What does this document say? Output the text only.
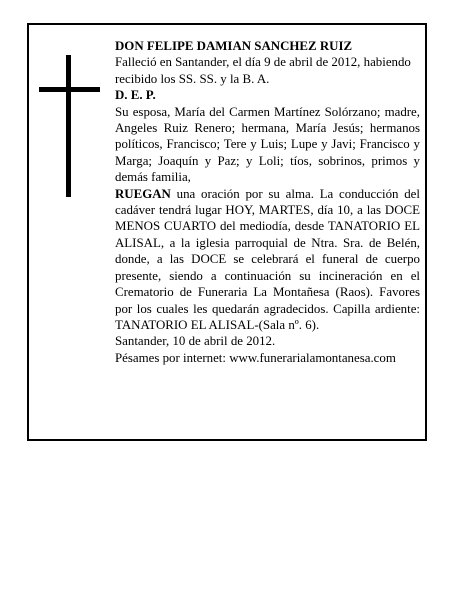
DON FELIPE DAMIAN SANCHEZ RUIZ

Falleció en Santander, el día 9 de abril de 2012, habiendo recibido los SS. SS. y la B. A.

D. E. P.

Su esposa, María del Carmen Martínez Solórzano; madre, Angeles Ruiz Renero; hermana, María Jesús; hermanos políticos, Francisco; Tere y Luis; Lupe y Javi; Francisco y Marga; Joaquín y Paz; y Loli; tíos, sobrinos, primos y demás familia,

RUEGAN una oración por su alma. La conducción del cadáver tendrá lugar HOY, MARTES, día 10, a las DOCE MENOS CUARTO del mediodía, desde TANATORIO EL ALISAL, a la iglesia parroquial de Ntra. Sra. de Belén, donde, a las DOCE se celebrará el funeral de cuerpo presente, siendo a continuación su incineración en el Crematorio de Funeraria La Montañesa (Raos). Favores por los cuales les quedarán agradecidos. Capilla ardiente: TANATORIO EL ALISAL-(Sala nº. 6).

Santander, 10 de abril de 2012.

Pésames por internet: www.funerarialamontanesa.com
